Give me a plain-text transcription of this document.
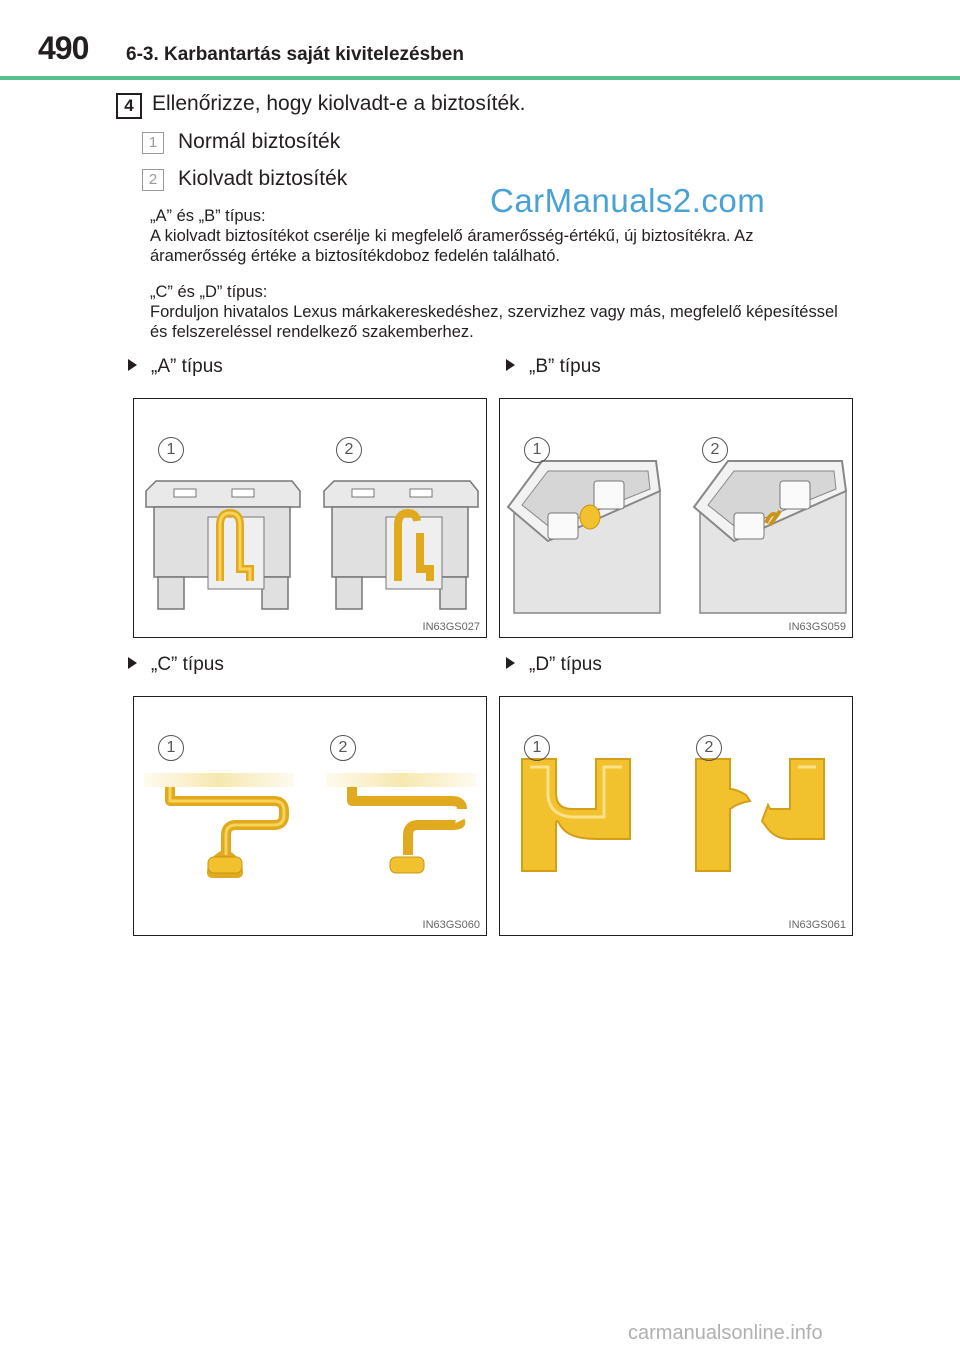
490 6-3. Karbantartás saját kivitelezésben
CarManuals2.com
4 Ellenőrizze, hogy kiolvadt-e a biztosíték.
1 Normál biztosíték
2 Kiolvadt biztosíték
„A” és „B” típus:
A kiolvadt biztosítékot cserélje ki megfelelő áramerősség-értékű, új biztosítékra. Az áramerősség értéke a biztosítékdoboz fedelén található.
„C” és „D” típus:
Forduljon hivatalos Lexus márkakereskedéshez, szervizhez vagy más, megfelelő képesítéssel és felszereléssel rendelkező szakemberhez.
„A” típus	„B” típus
„C” típus	„D” típus
1	2
IN63GS027
1	2
IN63GS059
1	2
IN63GS060
1	2
IN63GS061
carmanualsonline.info
